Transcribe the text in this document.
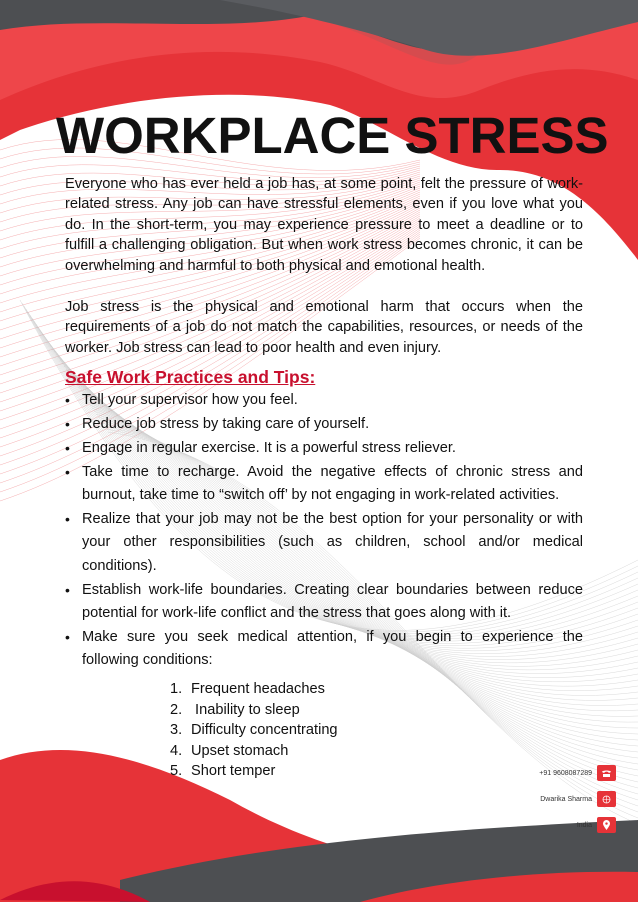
WORKPLACE STRESS

Everyone who has ever held a job has, at some point, felt the pressure of work-related stress. Any job can have stressful elements, even if you love what you do. In the short-term, you may experience pressure to meet a deadline or to fulfill a challenging obligation. But when work stress becomes chronic, it can be overwhelming and harmful to both physical and emotional health.

Job stress is the physical and emotional harm that occurs when the requirements of a job do not match the capabilities, resources, or needs of the worker. Job stress can lead to poor health and even injury.

Safe Work Practices and Tips:
• Tell your supervisor how you feel.
• Reduce job stress by taking care of yourself.
• Engage in regular exercise. It is a powerful stress reliever.
• Take time to recharge. Avoid the negative effects of chronic stress and burnout, take time to “switch off’ by not engaging in work-related activities.
• Realize that your job may not be the best option for your personality or with your other responsibilities (such as children, school and/or medical conditions).
• Establish work-life boundaries. Creating clear boundaries between reduce potential for work-life conflict and the stress that goes along with it.
• Make sure you seek medical attention, if you begin to experience the following conditions:
1. Frequent headaches
2. Inability to sleep
3. Difficulty concentrating
4. Upset stomach
5. Short temper	+91 9608087289
Dwarika Sharma
India
